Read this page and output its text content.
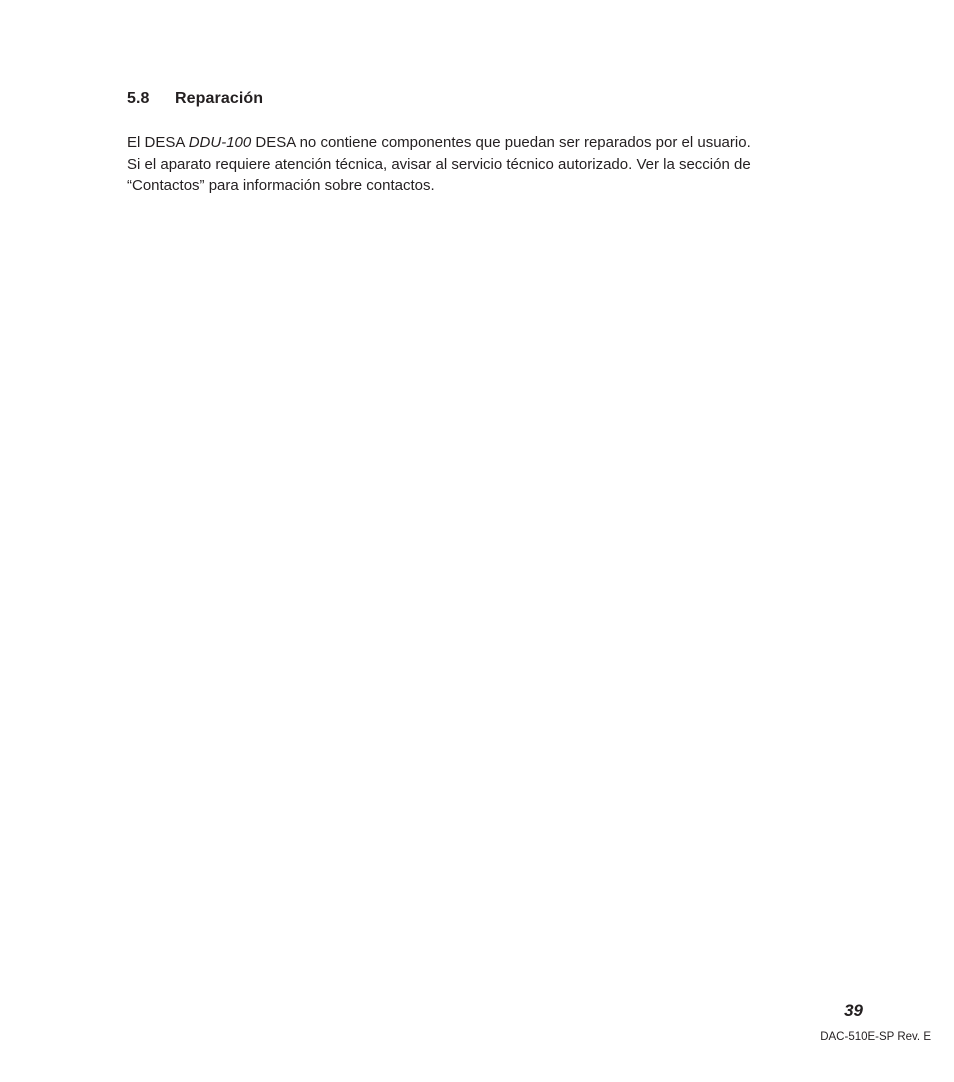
5.8 Reparación

El DESA DDU-100 DESA no contiene componentes que puedan ser reparados por el usuario.
Si el aparato requiere atención técnica, avisar al servicio técnico autorizado. Ver la sección de
“Contactos” para información sobre contactos.

39
DAC-510E-SP Rev. E
